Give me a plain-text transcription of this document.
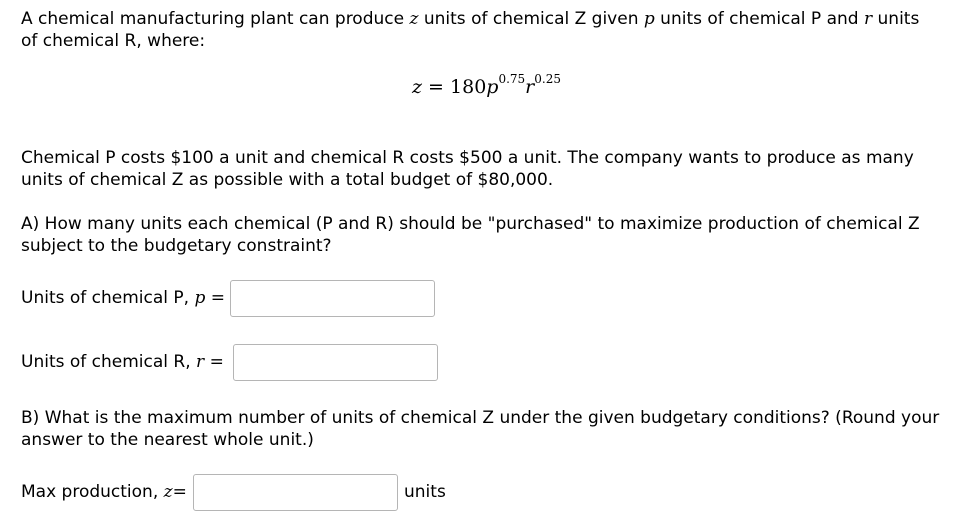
A chemical manufacturing plant can produce z units of chemical Z given p units of chemical P and r units
of chemical R, where:
$z = 180p^{0.75}r^{0.25}$
Chemical P costs $100 a unit and chemical R costs $500 a unit. The company wants to produce as many
units of chemical Z as possible with a total budget of $80,000.
A) How many units each chemical (P and R) should be "purchased" to maximize production of chemical Z
subject to the budgetary constraint?
Units of chemical P, p =
Units of chemical R, r =
B) What is the maximum number of units of chemical Z under the given budgetary conditions? (Round your
answer to the nearest whole unit.)
Max production, z=	units
